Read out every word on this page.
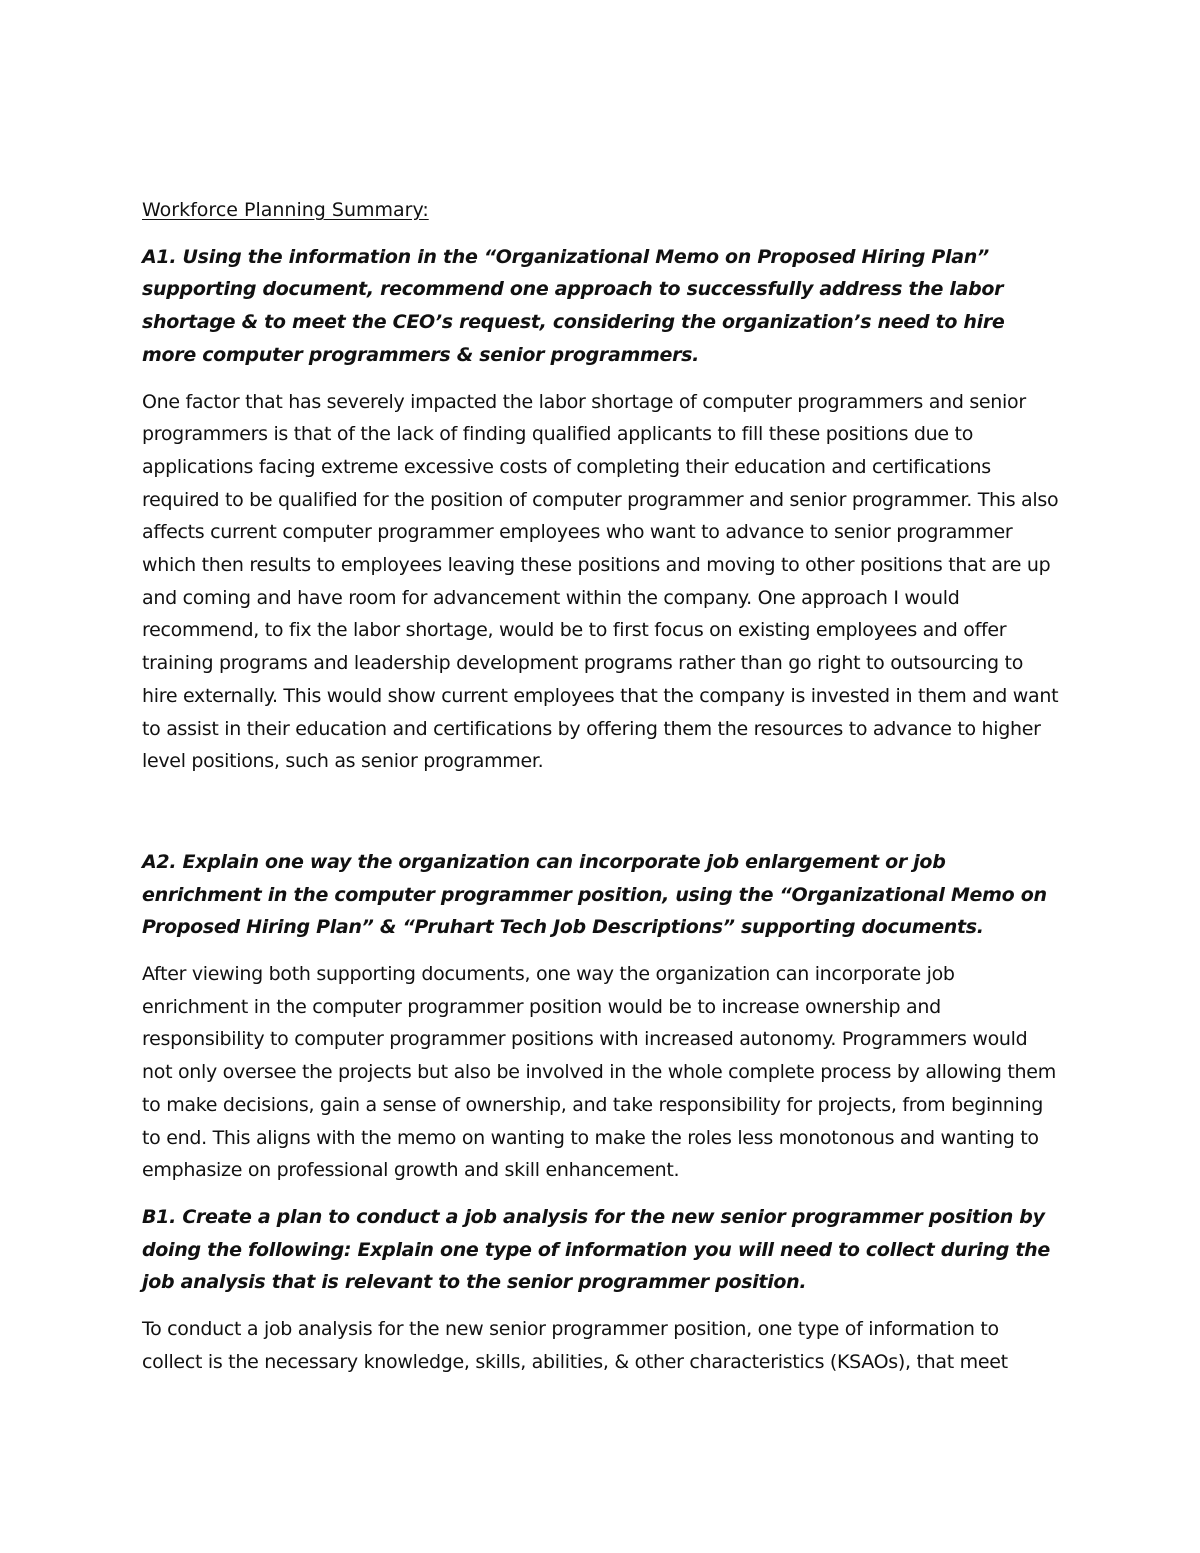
Workforce Planning Summary:

A1. Using the information in the “Organizational Memo on Proposed Hiring Plan” supporting document, recommend one approach to successfully address the labor shortage & to meet the CEO’s request, considering the organization’s need to hire more computer programmers & senior programmers.

One factor that has severely impacted the labor shortage of computer programmers and senior programmers is that of the lack of finding qualified applicants to fill these positions due to applications facing extreme excessive costs of completing their education and certifications required to be qualified for the position of computer programmer and senior programmer. This also affects current computer programmer employees who want to advance to senior programmer which then results to employees leaving these positions and moving to other positions that are up and coming and have room for advancement within the company. One approach I would recommend, to fix the labor shortage, would be to first focus on existing employees and offer training programs and leadership development programs rather than go right to outsourcing to hire externally. This would show current employees that the company is invested in them and want to assist in their education and certifications by offering them the resources to advance to higher level positions, such as senior programmer.

A2. Explain one way the organization can incorporate job enlargement or job enrichment in the computer programmer position, using the “Organizational Memo on Proposed Hiring Plan” & “Pruhart Tech Job Descriptions” supporting documents.

After viewing both supporting documents, one way the organization can incorporate job enrichment in the computer programmer position would be to increase ownership and responsibility to computer programmer positions with increased autonomy. Programmers would not only oversee the projects but also be involved in the whole complete process by allowing them to make decisions, gain a sense of ownership, and take responsibility for projects, from beginning to end. This aligns with the memo on wanting to make the roles less monotonous and wanting to emphasize on professional growth and skill enhancement.

B1. Create a plan to conduct a job analysis for the new senior programmer position by doing the following: Explain one type of information you will need to collect during the job analysis that is relevant to the senior programmer position.

To conduct a job analysis for the new senior programmer position, one type of information to collect is the necessary knowledge, skills, abilities, & other characteristics (KSAOs), that meet
